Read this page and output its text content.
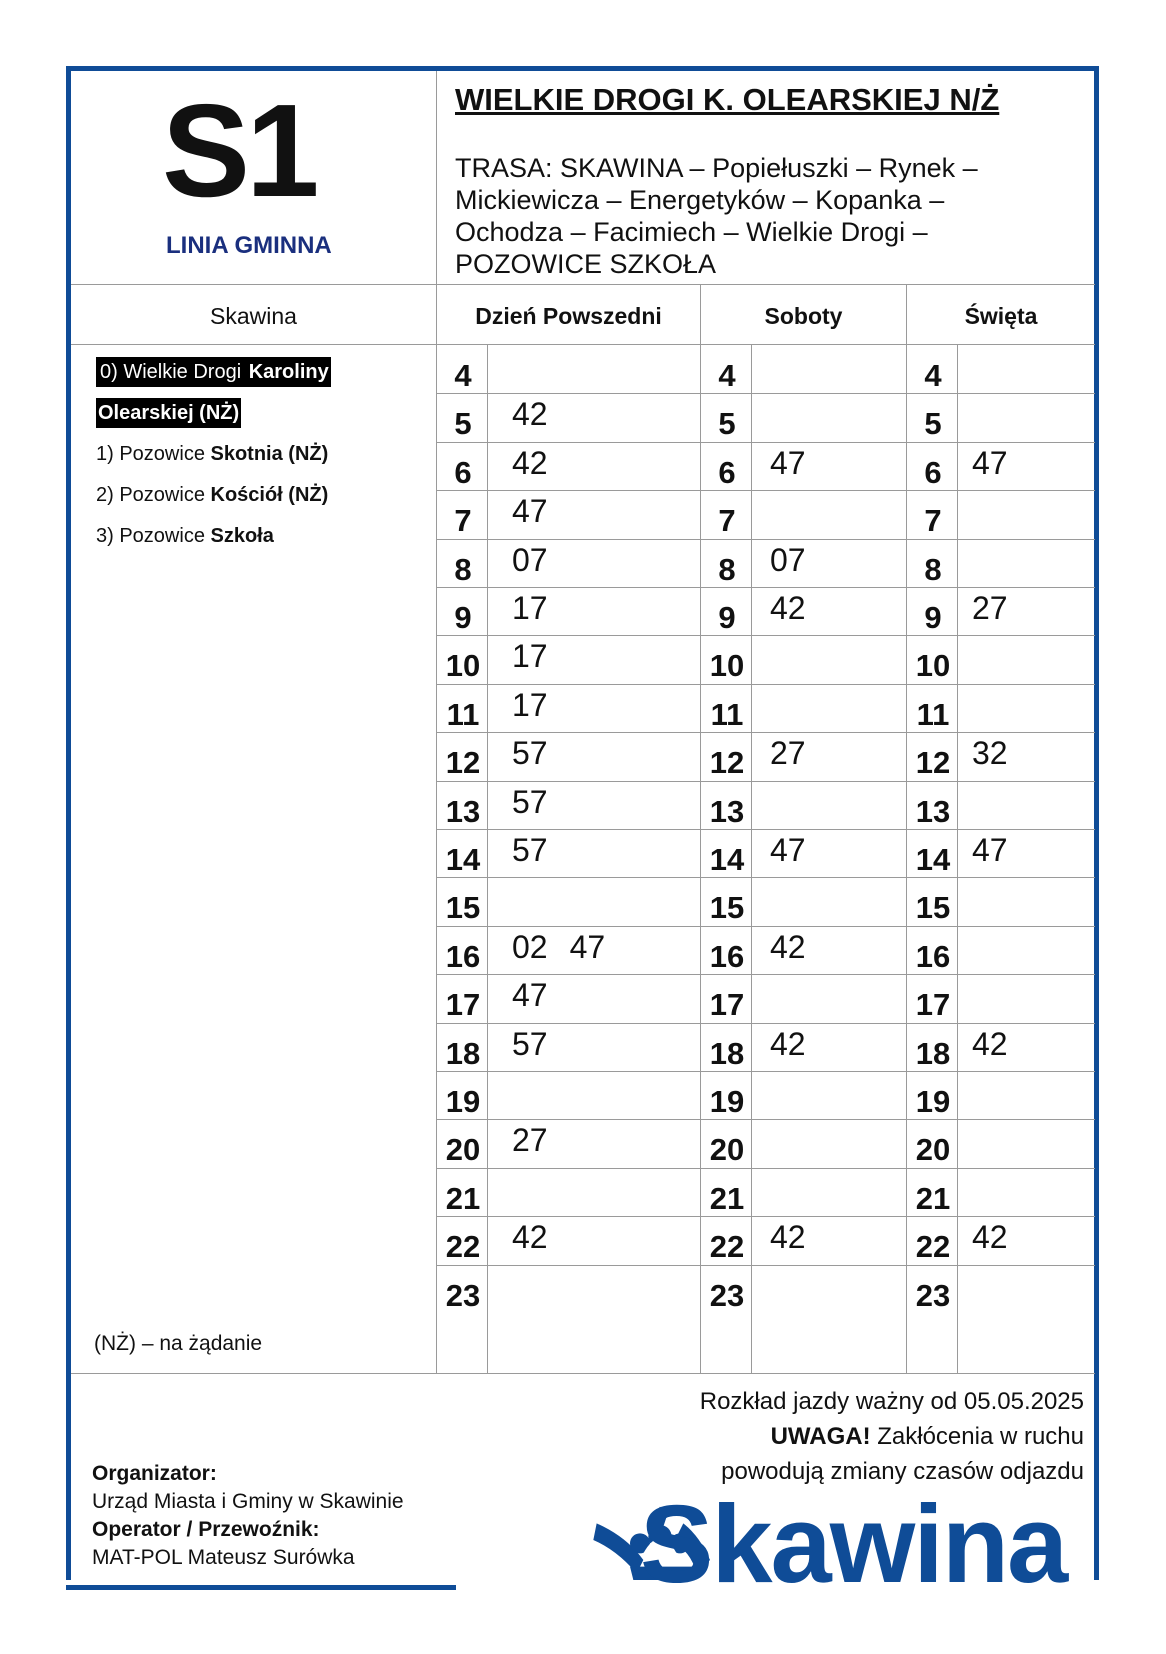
S1
LINIA GMINNA
WIELKIE DROGI K. OLEARSKIEJ N/Ż
TRASA: SKAWINA – Popiełuszki – Rynek – Mickiewicza – Energetyków – Kopanka – Ochodza – Facimiech – Wielkie Drogi – POZOWICE SZKOŁA
Skawina	Dzień Powszedni	Soboty	Święta
0) Wielkie Drogi Karoliny
Olearskiej (NŻ)
1) Pozowice Skotnia (NŻ)
2) Pozowice Kościół (NŻ)
3) Pozowice Szkoła
(NŻ) – na żądanie
4	4	4
5	42	5	5
6	42	6	47	6 47
7	47	7	7
8	07	8	07	8
9	17	9	42	9 27
10 17	10	10
11 17	11	11
12 57	12 27	12 32
13 57	13	13
14 57	14 47	14 47
15	15	15
16 02 47	16 42	16
17 47	17	17
18 57	18 42	18 42
19	19	19
20 27	20	20
21	21	21
22 42	22 42	22 42
23	23	23
Rozkład jazdy ważny od 05.05.2025
UWAGA! Zakłócenia w ruchu
powodują zmiany czasów odjazdu
Organizator:
Urząd Miasta i Gminy w Skawinie
Operator / Przewoźnik:
MAT-POL Mateusz Surówka	Skawina
